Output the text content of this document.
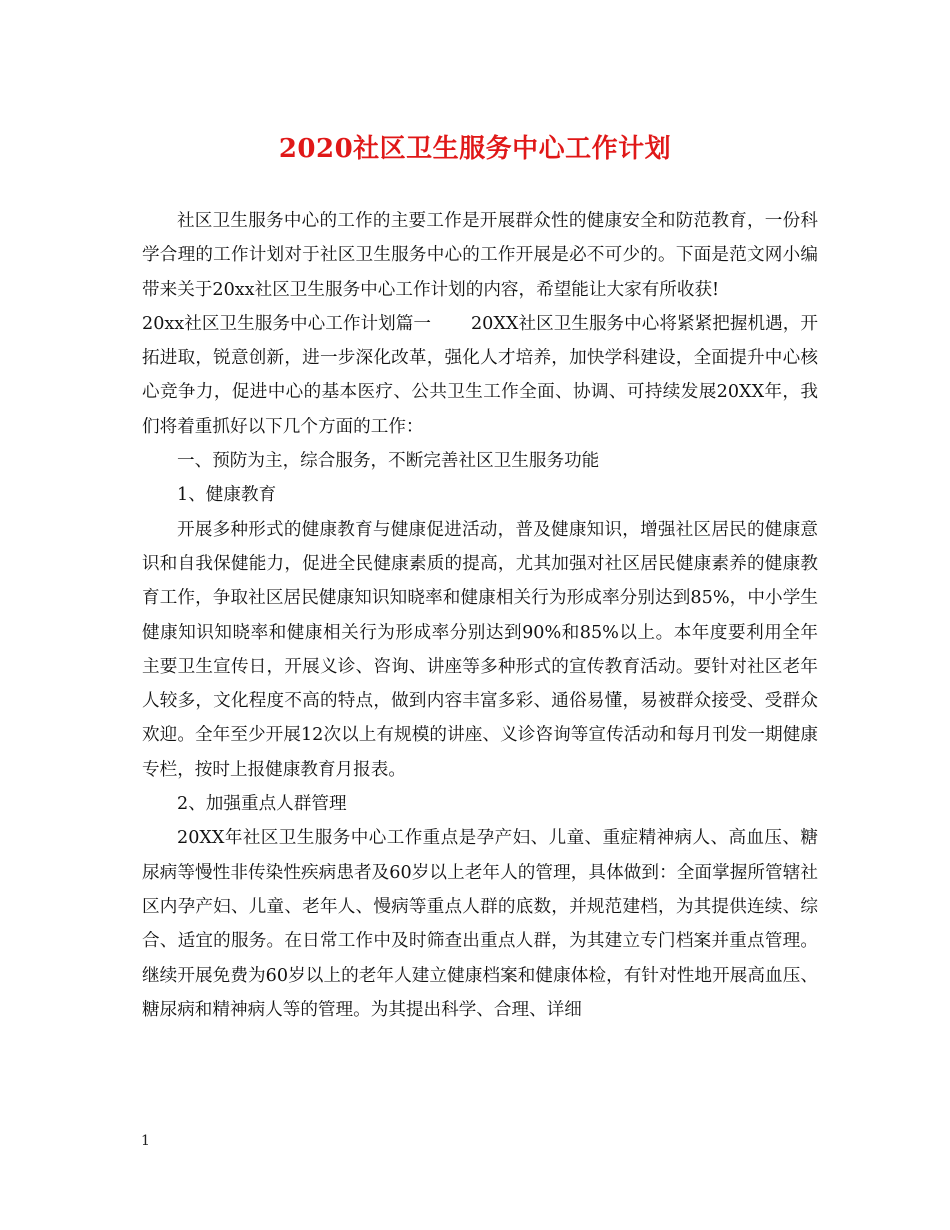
2020社区卫生服务中心工作计划

社区卫生服务中心的工作的主要工作是开展群众性的健康安全和防范教育，一份科学合理的工作计划对于社区卫生服务中心的工作开展是必不可少的。下面是范文网小编带来关于20xx社区卫生服务中心工作计划的内容，希望能让大家有所收获!

20xx社区卫生服务中心工作计划篇一 20XX社区卫生服务中心将紧紧把握机遇，开拓进取，锐意创新，进一步深化改革，强化人才培养，加快学科建设，全面提升中心核心竞争力，促进中心的基本医疗、公共卫生工作全面、协调、可持续发展20XX年，我们将着重抓好以下几个方面的工作：

一、预防为主，综合服务，不断完善社区卫生服务功能

1、健康教育

开展多种形式的健康教育与健康促进活动，普及健康知识，增强社区居民的健康意识和自我保健能力，促进全民健康素质的提高，尤其加强对社区居民健康素养的健康教育工作，争取社区居民健康知识知晓率和健康相关行为形成率分别达到85%，中小学生健康知识知晓率和健康相关行为形成率分别达到90%和85%以上。本年度要利用全年主要卫生宣传日，开展义诊、咨询、讲座等多种形式的宣传教育活动。要针对社区老年人较多，文化程度不高的特点，做到内容丰富多彩、通俗易懂，易被群众接受、受群众欢迎。全年至少开展12次以上有规模的讲座、义诊咨询等宣传活动和每月刊发一期健康专栏，按时上报健康教育月报表。

2、加强重点人群管理

20XX年社区卫生服务中心工作重点是孕产妇、儿童、重症精神病人、高血压、糖尿病等慢性非传染性疾病患者及60岁以上老年人的管理，具体做到：全面掌握所管辖社区内孕产妇、儿童、老年人、慢病等重点人群的底数，并规范建档，为其提供连续、综合、适宜的服务。在日常工作中及时筛查出重点人群，为其建立专门档案并重点管理。继续开展免费为60岁以上的老年人建立健康档案和健康体检，有针对性地开展高血压、糖尿病和精神病人等的管理。为其提出科学、合理、详细

1
